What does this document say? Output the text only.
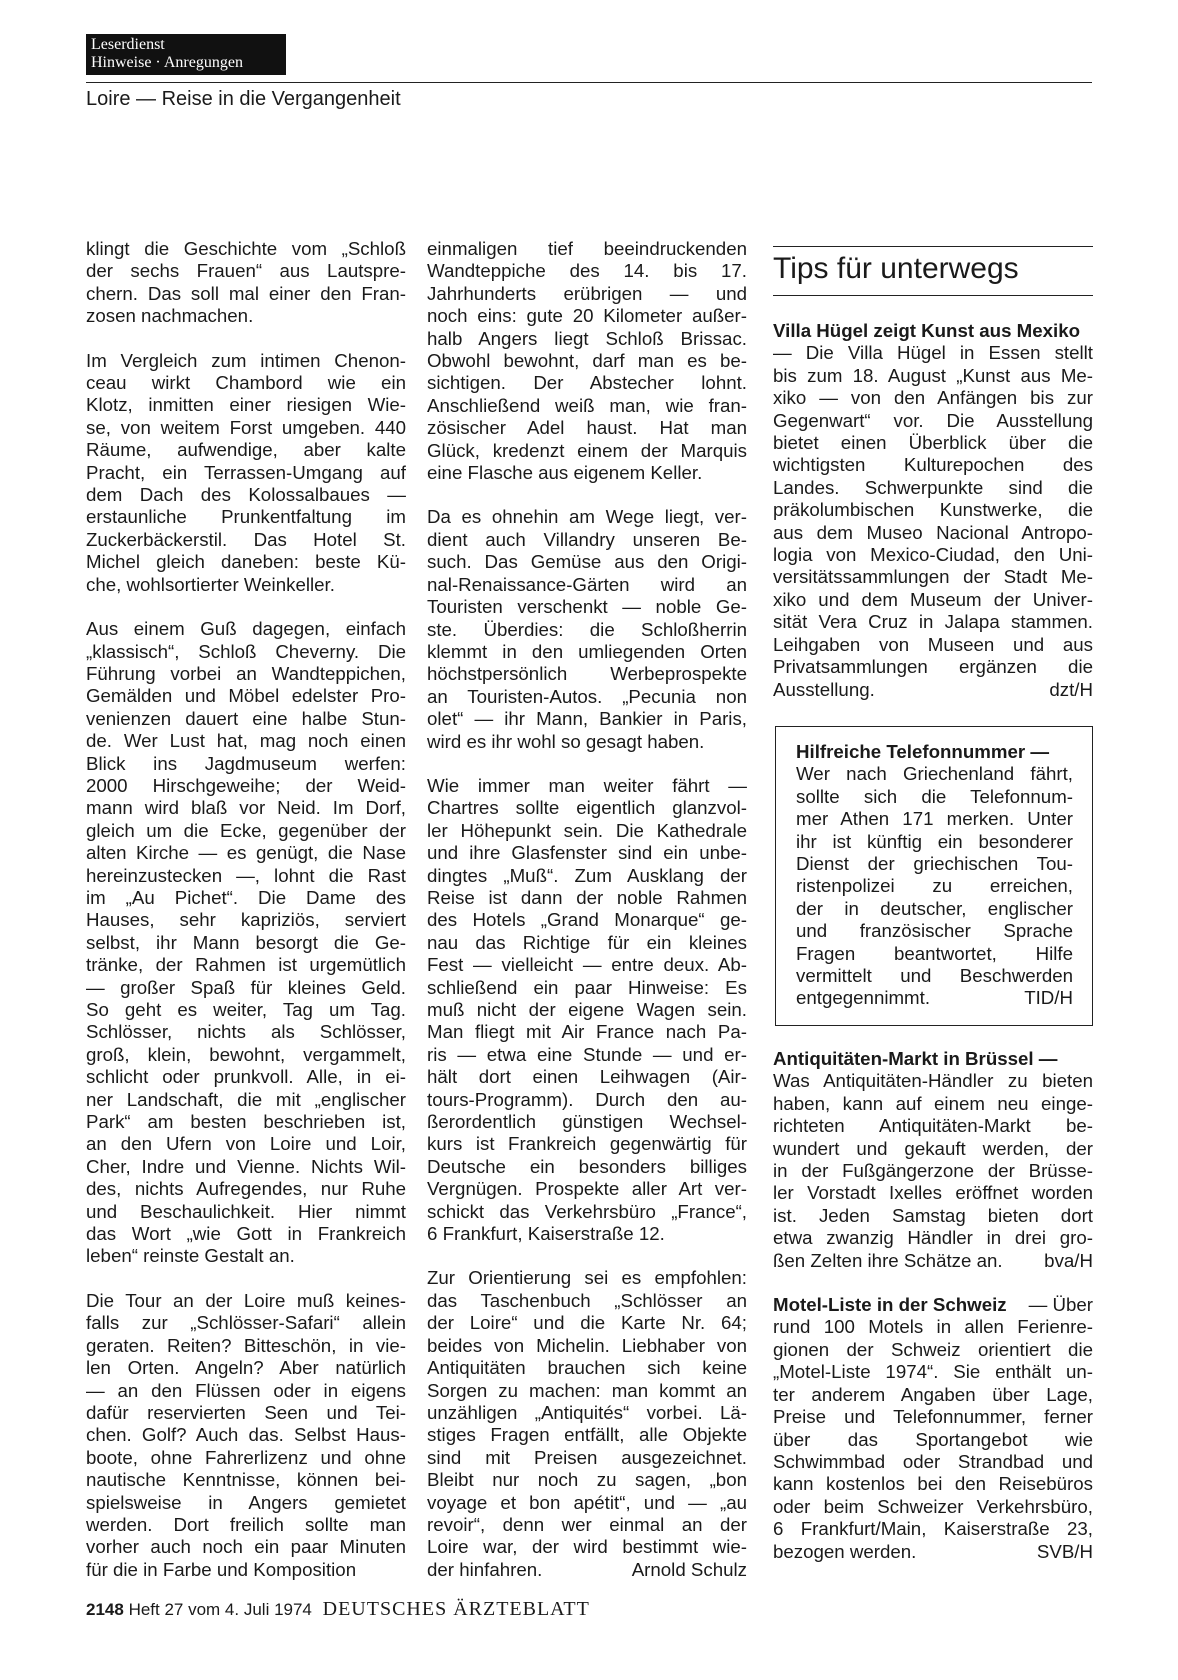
Leserdienst
Hinweise · Anregungen
Loire — Reise in die Vergangenheit

klingt die Geschichte vom „Schloß

der sechs Frauen“ aus Lautspre-

chern. Das soll mal einer den Fran-

zosen nachmachen.

Im Vergleich zum intimen Chenon-

ceau wirkt Chambord wie ein

Klotz, inmitten einer riesigen Wie-

se, von weitem Forst umgeben. 440

Räume, aufwendige, aber kalte

Pracht, ein Terrassen-Umgang auf

dem Dach des Kolossalbaues —

erstaunliche Prunkentfaltung im

Zuckerbäckerstil. Das Hotel St.

Michel gleich daneben: beste Kü-

che, wohlsortierter Weinkeller.

Aus einem Guß dagegen, einfach

„klassisch“, Schloß Cheverny. Die

Führung vorbei an Wandteppichen,

Gemälden und Möbel edelster Pro-

venienzen dauert eine halbe Stun-

de. Wer Lust hat, mag noch einen

Blick ins Jagdmuseum werfen:

2000 Hirschgeweihe; der Weid-

mann wird blaß vor Neid. Im Dorf,

gleich um die Ecke, gegenüber der

alten Kirche — es genügt, die Nase

hereinzustecken —, lohnt die Rast

im „Au Pichet“. Die Dame des

Hauses, sehr kapriziös, serviert

selbst, ihr Mann besorgt die Ge-

tränke, der Rahmen ist urgemütlich

— großer Spaß für kleines Geld.

So geht es weiter, Tag um Tag.

Schlösser, nichts als Schlösser,

groß, klein, bewohnt, vergammelt,

schlicht oder prunkvoll. Alle, in ei-

ner Landschaft, die mit „englischer

Park“ am besten beschrieben ist,

an den Ufern von Loire und Loir,

Cher, Indre und Vienne. Nichts Wil-

des, nichts Aufregendes, nur Ruhe

und Beschaulichkeit. Hier nimmt

das Wort „wie Gott in Frankreich

leben“ reinste Gestalt an.

Die Tour an der Loire muß keines-

falls zur „Schlösser-Safari“ allein

geraten. Reiten? Bitteschön, in vie-

len Orten. Angeln? Aber natürlich

— an den Flüssen oder in eigens

dafür reservierten Seen und Tei-

chen. Golf? Auch das. Selbst Haus-

boote, ohne Fahrerlizenz und ohne

nautische Kenntnisse, können bei-

spielsweise in Angers gemietet

werden. Dort freilich sollte man

vorher auch noch ein paar Minuten

für die in Farbe und Komposition

einmaligen tief beeindruckenden

Wandteppiche des 14. bis 17.

Jahrhunderts erübrigen — und

noch eins: gute 20 Kilometer außer-

halb Angers liegt Schloß Brissac.

Obwohl bewohnt, darf man es be-

sichtigen. Der Abstecher lohnt.

Anschließend weiß man, wie fran-

zösischer Adel haust. Hat man

Glück, kredenzt einem der Marquis

eine Flasche aus eigenem Keller.

Da es ohnehin am Wege liegt, ver-

dient auch Villandry unseren Be-

such. Das Gemüse aus den Origi-

nal-Renaissance-Gärten wird an

Touristen verschenkt — noble Ge-

ste. Überdies: die Schloßherrin

klemmt in den umliegenden Orten

höchstpersönlich Werbeprospekte

an Touristen-Autos. „Pecunia non

olet“ — ihr Mann, Bankier in Paris,

wird es ihr wohl so gesagt haben.

Wie immer man weiter fährt —

Chartres sollte eigentlich glanzvol-

ler Höhepunkt sein. Die Kathedrale

und ihre Glasfenster sind ein unbe-

dingtes „Muß“. Zum Ausklang der

Reise ist dann der noble Rahmen

des Hotels „Grand Monarque“ ge-

nau das Richtige für ein kleines

Fest — vielleicht — entre deux. Ab-

schließend ein paar Hinweise: Es

muß nicht der eigene Wagen sein.

Man fliegt mit Air France nach Pa-

ris — etwa eine Stunde — und er-

hält dort einen Leihwagen (Air-

tours-Programm). Durch den au-

ßerordentlich günstigen Wechsel-

kurs ist Frankreich gegenwärtig für

Deutsche ein besonders billiges

Vergnügen. Prospekte aller Art ver-

schickt das Verkehrsbüro „France“,

6 Frankfurt, Kaiserstraße 12.

Zur Orientierung sei es empfohlen:

das Taschenbuch „Schlösser an

der Loire“ und die Karte Nr. 64;

beides von Michelin. Liebhaber von

Antiquitäten brauchen sich keine

Sorgen zu machen: man kommt an

unzähligen „Antiquités“ vorbei. Lä-

stiges Fragen entfällt, alle Objekte

sind mit Preisen ausgezeichnet.

Bleibt nur noch zu sagen, „bon

voyage et bon apétit“, und — „au

revoir“, denn wer einmal an der

Loire war, der wird bestimmt wie-

der hinfahren.	Arnold Schulz
Tips für unterwegs

Villa Hügel zeigt Kunst aus Mexiko

— Die Villa Hügel in Essen stellt

bis zum 18. August „Kunst aus Me-

xiko — von den Anfängen bis zur

Gegenwart“ vor. Die Ausstellung

bietet einen Überblick über die

wichtigsten Kulturepochen des

Landes. Schwerpunkte sind die

präkolumbischen Kunstwerke, die

aus dem Museo Nacional Antropo-

logia von Mexico-Ciudad, den Uni-

versitätssammlungen der Stadt Me-

xiko und dem Museum der Univer-

sität Vera Cruz in Jalapa stammen.

Leihgaben von Museen und aus

Privatsammlungen ergänzen die

Ausstellung.	dzt/H

Hilfreiche Telefonnummer —

Wer nach Griechenland fährt,

sollte sich die Telefonnum-

mer Athen 171 merken. Unter

ihr ist künftig ein besonderer

Dienst der griechischen Tou-

ristenpolizei zu erreichen,

der in deutscher, englischer

und französischer Sprache

Fragen beantwortet, Hilfe

vermittelt und Beschwerden

entgegennimmt.	TID/H

Antiquitäten-Markt in Brüssel —

Was Antiquitäten-Händler zu bieten

haben, kann auf einem neu einge-

richteten Antiquitäten-Markt be-

wundert und gekauft werden, der

in der Fußgängerzone der Brüsse-

ler Vorstadt Ixelles eröffnet worden

ist. Jeden Samstag bieten dort

etwa zwanzig Händler in drei gro-

ßen Zelten ihre Schätze an. bva/H
Motel-Liste in der Schweiz — Über

rund 100 Motels in allen Ferienre-

gionen der Schweiz orientiert die

„Motel-Liste 1974“. Sie enthält un-

ter anderem Angaben über Lage,

Preise und Telefonnummer, ferner

über das Sportangebot wie

Schwimmbad oder Strandbad und

kann kostenlos bei den Reisebüros

oder beim Schweizer Verkehrsbüro,

6 Frankfurt/Main, Kaiserstraße 23,

bezogen werden.	SVB/H
2148 Heft 27 vom 4. Juli 1974 DEUTSCHES ÄRZTEBLATT
